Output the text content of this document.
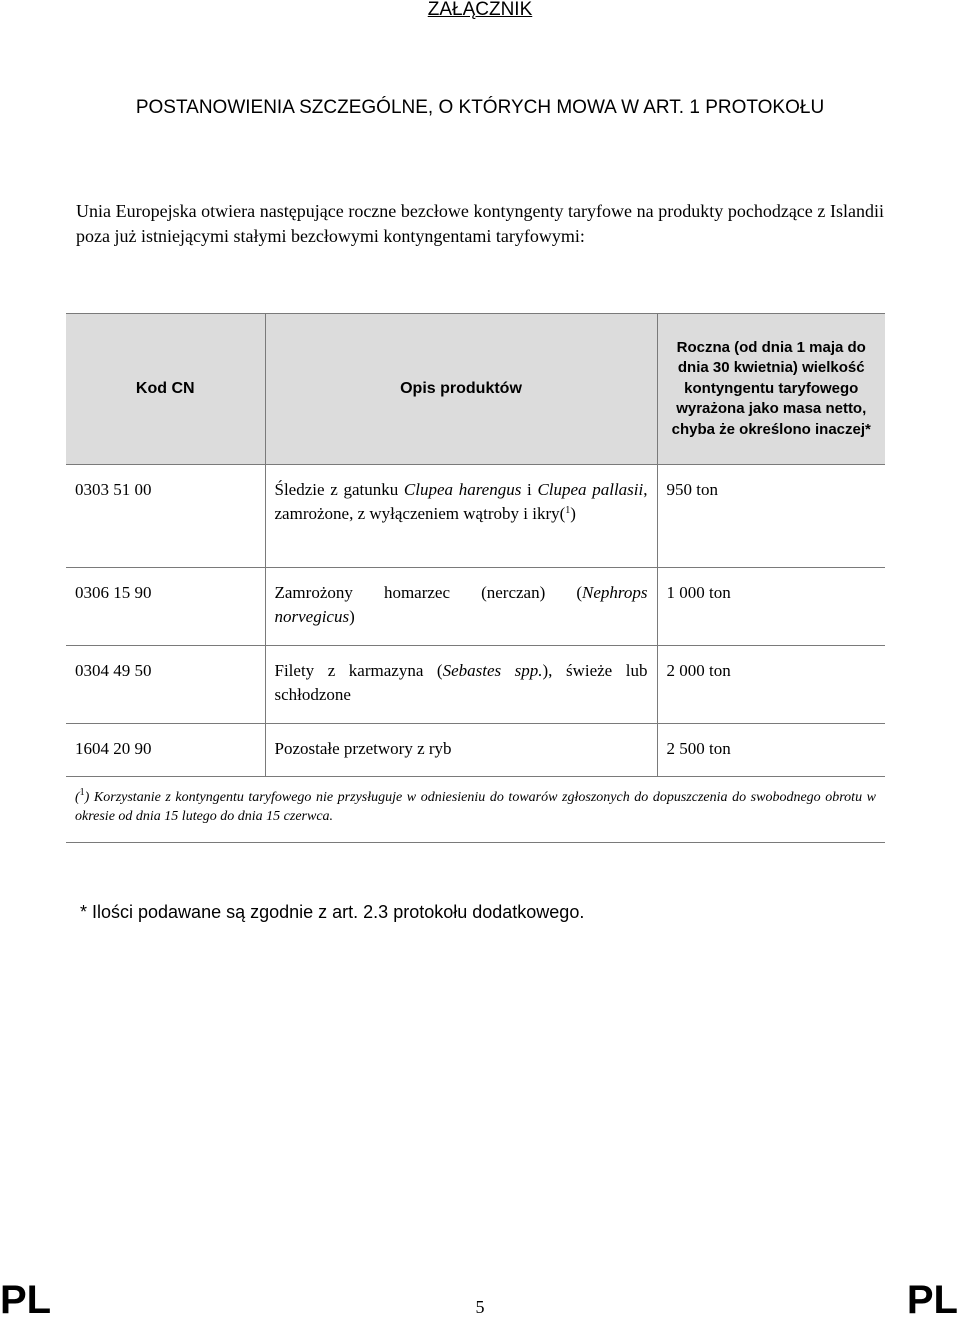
ZAŁĄCZNIK
POSTANOWIENIA SZCZEGÓLNE, O KTÓRYCH MOWA W ART. 1 PROTOKOŁU
Unia Europejska otwiera następujące roczne bezcłowe kontyngenty taryfowe na produkty pochodzące z Islandii poza już istniejącymi stałymi bezcłowymi kontyngentami taryfowymi:
Kod CN	Opis produktów	Roczna (od dnia 1 maja do dnia 30 kwietnia) wielkość kontyngentu taryfowego wyrażona jako masa netto, chyba że określono inaczej*
0303 51 00	Śledzie z gatunku Clupea harengus i Clupea pallasii, zamrożone, z wyłączeniem wątroby i ikry($^1$)	950 ton
0306 15 90	Zamrożony homarzec (nerczan) (Nephrops norvegicus)	1 000 ton
0304 49 50	Filety z karmazyna (Sebastes spp.), świeże lub schłodzone	2 000 ton
1604 20 90	Pozostałe przetwory z ryb	2 500 ton
($^1$) Korzystanie z kontyngentu taryfowego nie przysługuje w odniesieniu do towarów zgłoszonych do dopuszczenia do swobodnego obrotu w okresie od dnia 15 lutego do dnia 15 czerwca.		
* Ilości podawane są zgodnie z art. 2.3 protokołu dodatkowego.
PL	5	PL
